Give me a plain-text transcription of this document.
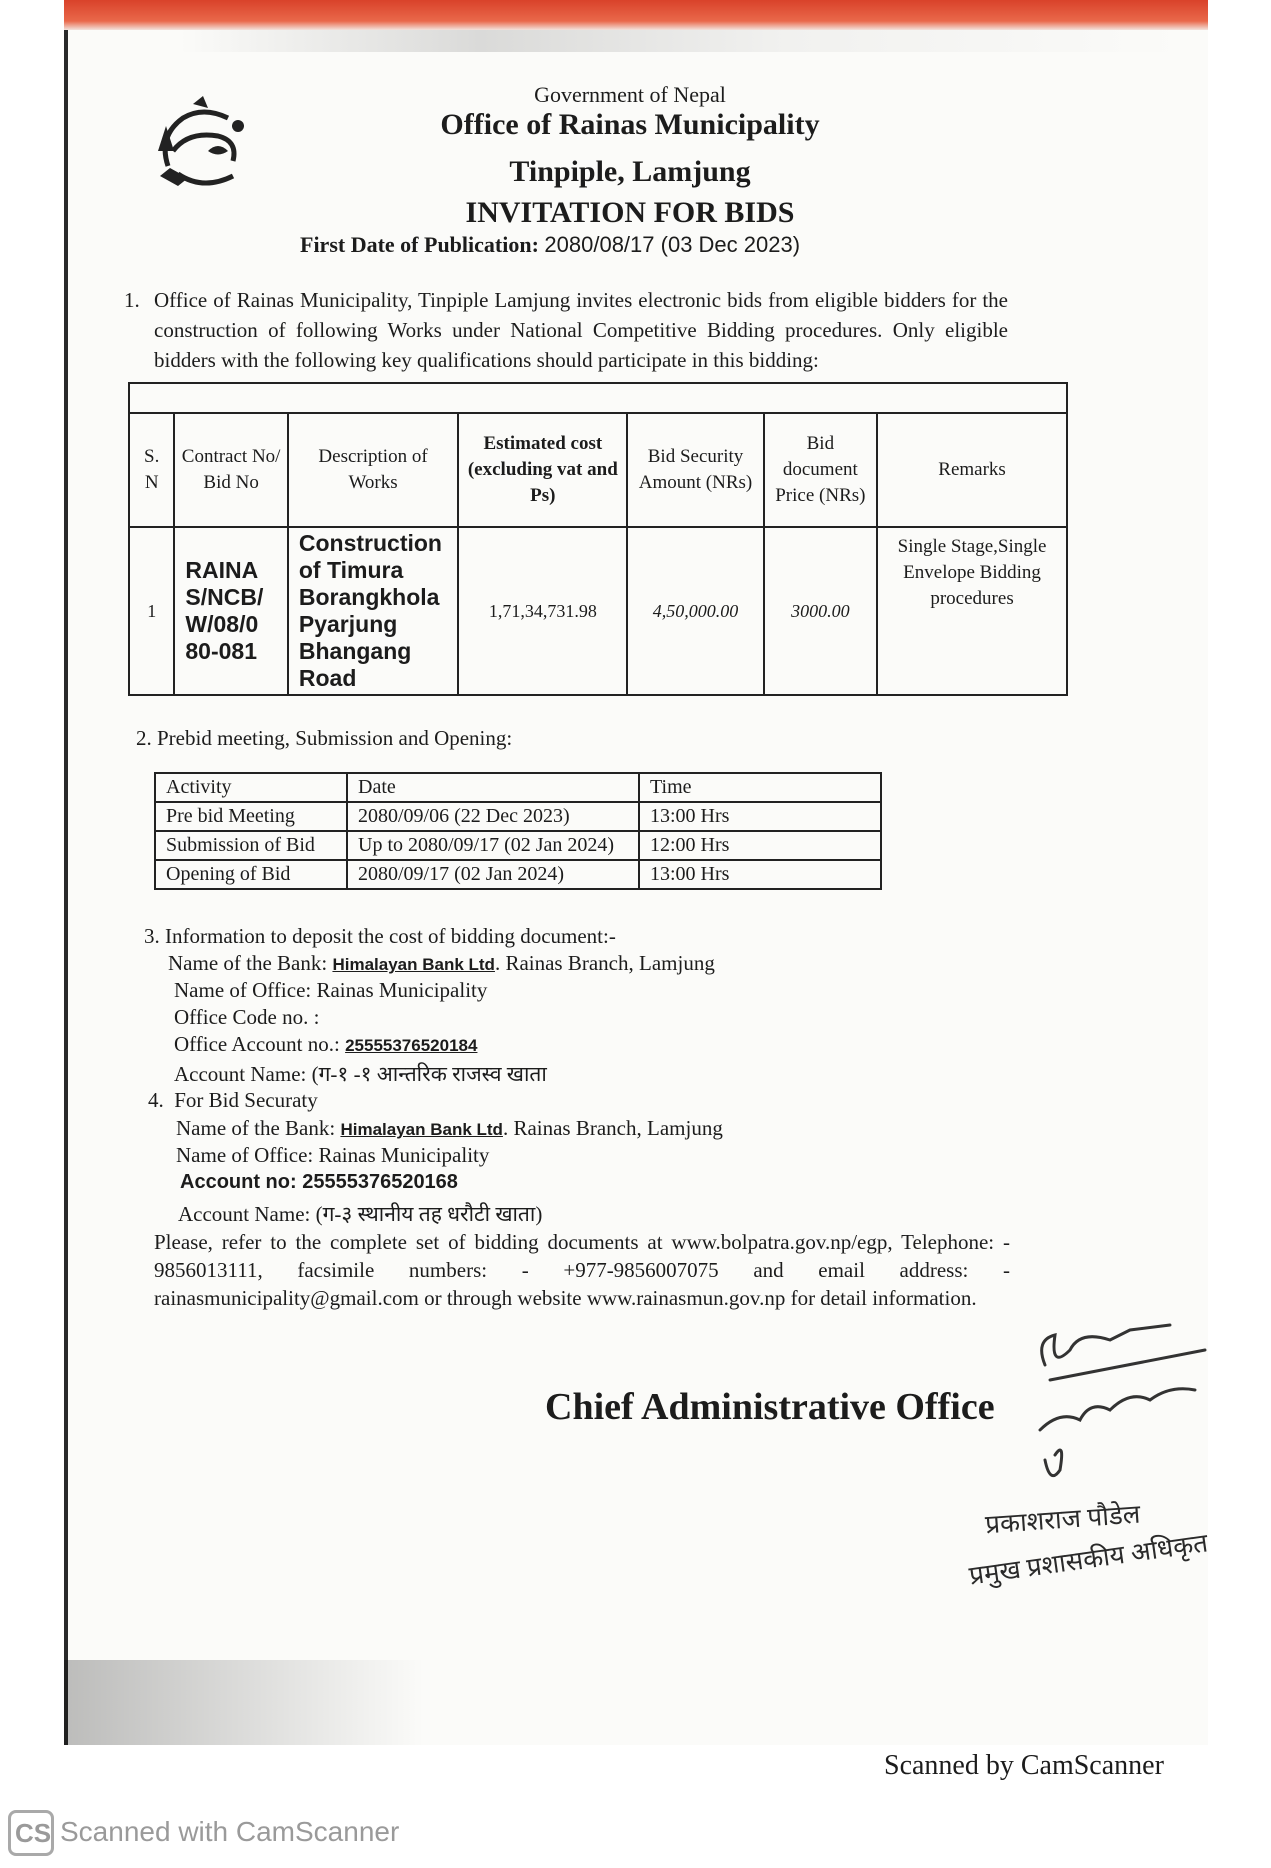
Government of Nepal
Office of Rainas Municipality
Tinpiple, Lamjung
INVITATION FOR BIDS
First Date of Publication: 2080/08/17 (03 Dec 2023)
1. Office of Rainas Municipality, Tinpiple Lamjung invites electronic bids from eligible bidders for the construction of following Works under National Competitive Bidding procedures. Only eligible bidders with the following key qualifications should participate in this bidding:

S. N	Contract No/ Bid No	Description of Works	Estimated cost (excluding vat and Ps)	Bid Security Amount (NRs)	Bid document Price (NRs)	Remarks
1	RAINA S/NCB/ W/08/0 80-081	Construction of Timura Borangkhola Pyarjung Bhangang Road	1,71,34,731.98	4,50,000.00	3000.00	Single Stage,Single Envelope Bidding procedures
2. Prebid meeting, Submission and Opening:
Activity	Date	Time
Pre bid Meeting	2080/09/06 (22 Dec 2023)	13:00 Hrs
Submission of Bid	Up to 2080/09/17 (02 Jan 2024)	12:00 Hrs
Opening of Bid	2080/09/17 (02 Jan 2024)	13:00 Hrs
3. Information to deposit the cost of bidding document:-
Name of the Bank: Himalayan Bank Ltd. Rainas Branch, Lamjung
Name of Office: Rainas Municipality
Office Code no. :
Office Account no.: 25555376520184
Account Name: (ग-१ -१ आन्तरिक राजस्व खाता
4. For Bid Securaty
Name of the Bank: Himalayan Bank Ltd. Rainas Branch, Lamjung
Name of Office: Rainas Municipality
Account no: 25555376520168
Account Name: (ग-३ स्थानीय तह धरौटी खाता)
Please, refer to the complete set of bidding documents at www.bolpatra.gov.np/egp, Telephone: - 9856013111, facsimile numbers: - +977-9856007075 and email address: - rainasmunicipality@gmail.com or through website www.rainasmun.gov.np for detail information.
Chief Administrative Office
प्रकाशराज पौडेल
प्रमुख प्रशासकीय अधिकृत
Scanned by CamScanner
CS Scanned with CamScanner
